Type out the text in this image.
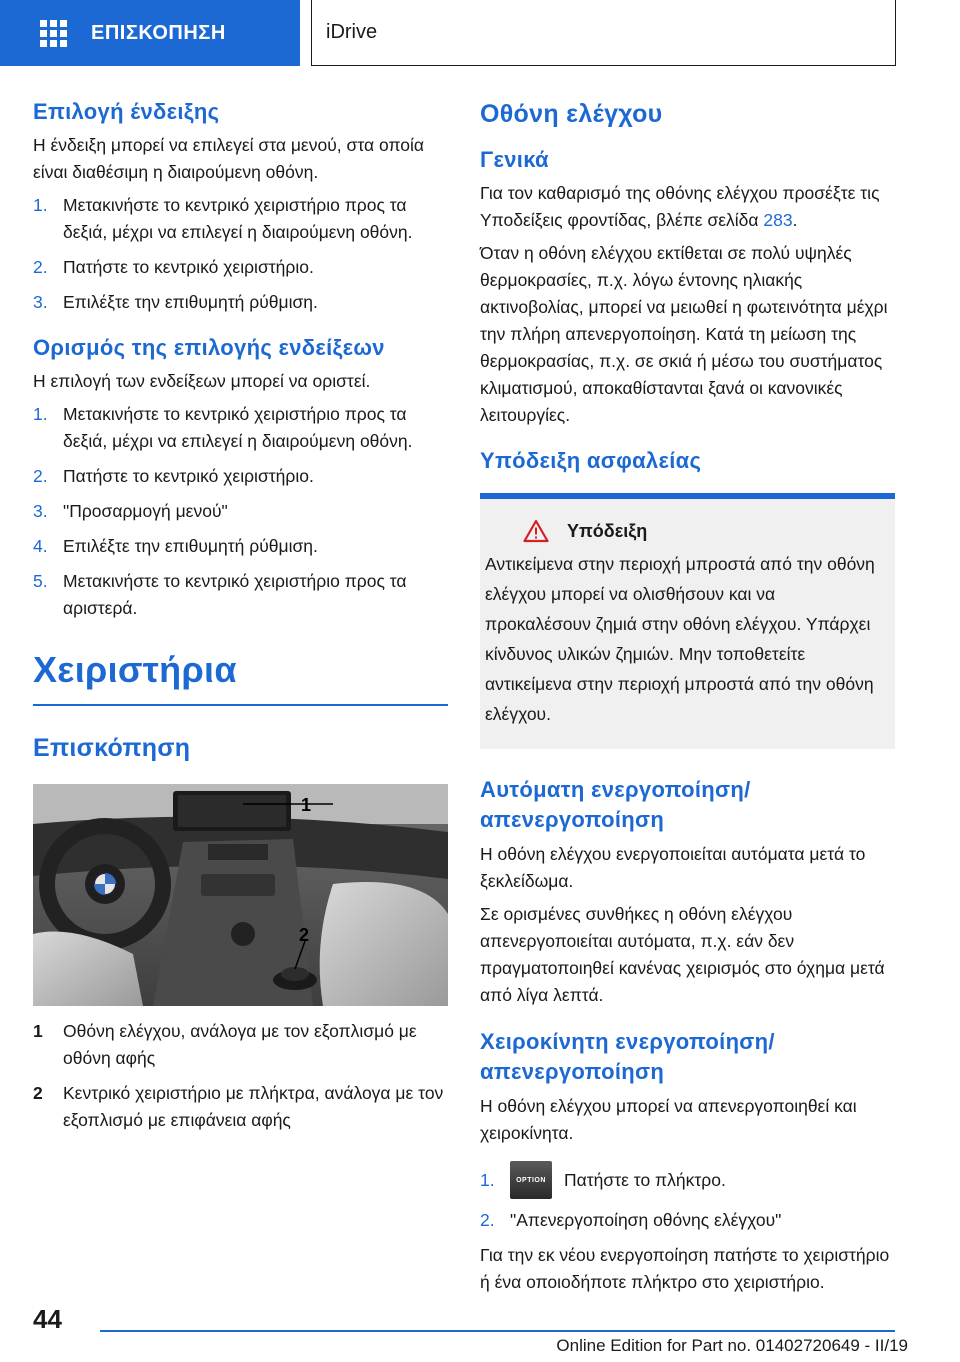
ΕΠΙΣΚΟΠΗΣΗ	iDrive
Επιλογή ένδειξης

Η ένδειξη μπορεί να επιλεγεί στα μενού, στα οποία είναι διαθέσιμη η διαιρούμενη οθόνη.

1. Μετακινήστε το κεντρικό χειριστήριο προς τα δεξιά, μέχρι να επιλεγεί η διαιρούμενη οθόνη.
2. Πατήστε το κεντρικό χειριστήριο.
3. Επιλέξτε την επιθυμητή ρύθμιση.
Ορισμός της επιλογής ενδείξεων

Η επιλογή των ενδείξεων μπορεί να οριστεί.

1. Μετακινήστε το κεντρικό χειριστήριο προς τα δεξιά, μέχρι να επιλεγεί η διαιρούμενη οθόνη.
2. Πατήστε το κεντρικό χειριστήριο.
3. "Προσαρμογή μενού"
4. Επιλέξτε την επιθυμητή ρύθμιση.
5. Μετακινήστε το κεντρικό χειριστήριο προς τα αριστερά.
Χειριστήρια
Επισκόπηση
1
2
1	Οθόνη ελέγχου, ανάλογα με τον εξοπλισμό με οθόνη αφής
2	Κεντρικό χειριστήριο με πλήκτρα, ανάλογα με τον εξοπλισμό με επιφάνεια αφής
Οθόνη ελέγχου
Γενικά

Για τον καθαρισμό της οθόνης ελέγχου προσέξτε τις Υποδείξεις φροντίδας, βλέπε σελίδα 283.

Όταν η οθόνη ελέγχου εκτίθεται σε πολύ υψηλές θερμοκρασίες, π.χ. λόγω έντονης ηλιακής ακτινοβολίας, μπορεί να μειωθεί η φωτεινότητα μέχρι την πλήρη απενεργοποίηση. Κατά τη μείωση της θερμοκρασίας, π.χ. σε σκιά ή μέσω του συστήματος κλιματισμού, αποκαθίστανται ξανά οι κανονικές λειτουργίες.

Υπόδειξη ασφαλείας
Υπόδειξη

Αντικείμενα στην περιοχή μπροστά από την οθόνη ελέγχου μπορεί να ολισθήσουν και να προκαλέσουν ζημιά στην οθόνη ελέγχου. Υπάρχει κίνδυνος υλικών ζημιών. Μην τοποθετείτε αντικείμενα στην περιοχή μπροστά από την οθόνη ελέγχου.

Αυτόματη ενεργοποίηση/απενεργοποίηση

Η οθόνη ελέγχου ενεργοποιείται αυτόματα μετά το ξεκλείδωμα.

Σε ορισμένες συνθήκες η οθόνη ελέγχου απενεργοποιείται αυτόματα, π.χ. εάν δεν πραγματοποιηθεί κανένας χειρισμός στο όχημα μετά από λίγα λεπτά.

Χειροκίνητη ενεργοποίηση/απενεργοποίηση

Η οθόνη ελέγχου μπορεί να απενεργοποιηθεί και χειροκίνητα.

1.	OPTION	Πατήστε το πλήκτρο.
2. "Απενεργοποίηση οθόνης ελέγχου"

Για την εκ νέου ενεργοποίηση πατήστε το χειριστήριο ή ένα οποιοδήποτε πλήκτρο στο χειριστήριο.

44
Online Edition for Part no. 01402720649 - II/19
